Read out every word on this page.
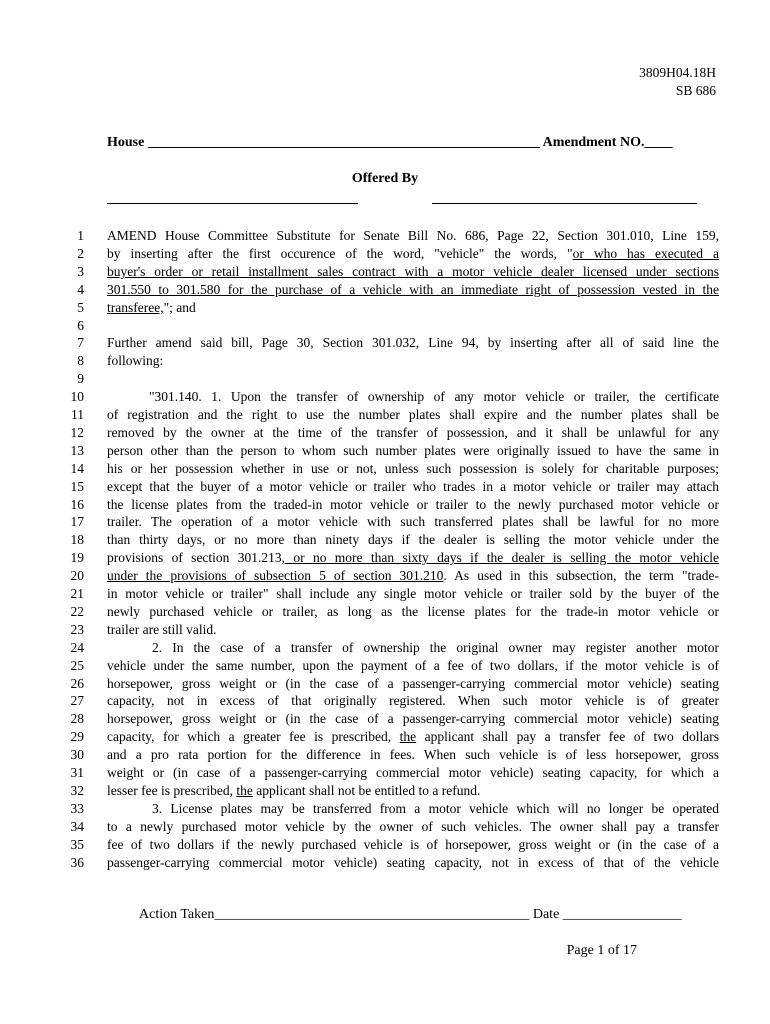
3809H04.18H
SB 686
House ________________________________________________________ Amendment NO.____
Offered By
1 AMEND House Committee Substitute for Senate Bill No. 686, Page 22, Section 301.010, Line 159,
2 by inserting after the first occurence of the word, "vehicle" the words, "or who has executed a
3 buyer's order or retail installment sales contract with a motor vehicle dealer licensed under sections
4 301.550 to 301.580 for the purchase of a vehicle with an immediate right of possession vested in the
5 transferee,"; and
6
7 Further amend said bill, Page 30, Section 301.032, Line 94, by inserting after all of said line the
8 following:
9
10	"301.140. 1. Upon the transfer of ownership of any motor vehicle or trailer, the certificate
11 of registration and the right to use the number plates shall expire and the number plates shall be
12 removed by the owner at the time of the transfer of possession, and it shall be unlawful for any
13 person other than the person to whom such number plates were originally issued to have the same in
14 his or her possession whether in use or not, unless such possession is solely for charitable purposes;
15 except that the buyer of a motor vehicle or trailer who trades in a motor vehicle or trailer may attach
16 the license plates from the traded-in motor vehicle or trailer to the newly purchased motor vehicle or
17 trailer. The operation of a motor vehicle with such transferred plates shall be lawful for no more
18 than thirty days, or no more than ninety days if the dealer is selling the motor vehicle under the
19 provisions of section 301.213, or no more than sixty days if the dealer is selling the motor vehicle
20 under the provisions of subsection 5 of section 301.210. As used in this subsection, the term "trade-
21 in motor vehicle or trailer" shall include any single motor vehicle or trailer sold by the buyer of the
22 newly purchased vehicle or trailer, as long as the license plates for the trade-in motor vehicle or
23 trailer are still valid.
24	2. In the case of a transfer of ownership the original owner may register another motor
25 vehicle under the same number, upon the payment of a fee of two dollars, if the motor vehicle is of
26 horsepower, gross weight or (in the case of a passenger-carrying commercial motor vehicle) seating
27 capacity, not in excess of that originally registered. When such motor vehicle is of greater
28 horsepower, gross weight or (in the case of a passenger-carrying commercial motor vehicle) seating
29 capacity, for which a greater fee is prescribed, the applicant shall pay a transfer fee of two dollars
30 and a pro rata portion for the difference in fees. When such vehicle is of less horsepower, gross
31 weight or (in case of a passenger-carrying commercial motor vehicle) seating capacity, for which a
32 lesser fee is prescribed, the applicant shall not be entitled to a refund.
33	3. License plates may be transferred from a motor vehicle which will no longer be operated
34 to a newly purchased motor vehicle by the owner of such vehicles. The owner shall pay a transfer
35 fee of two dollars if the newly purchased vehicle is of horsepower, gross weight or (in the case of a
36 passenger-carrying commercial motor vehicle) seating capacity, not in excess of that of the vehicle
Action Taken_____________________________________________ Date _________________
Page 1 of 17
